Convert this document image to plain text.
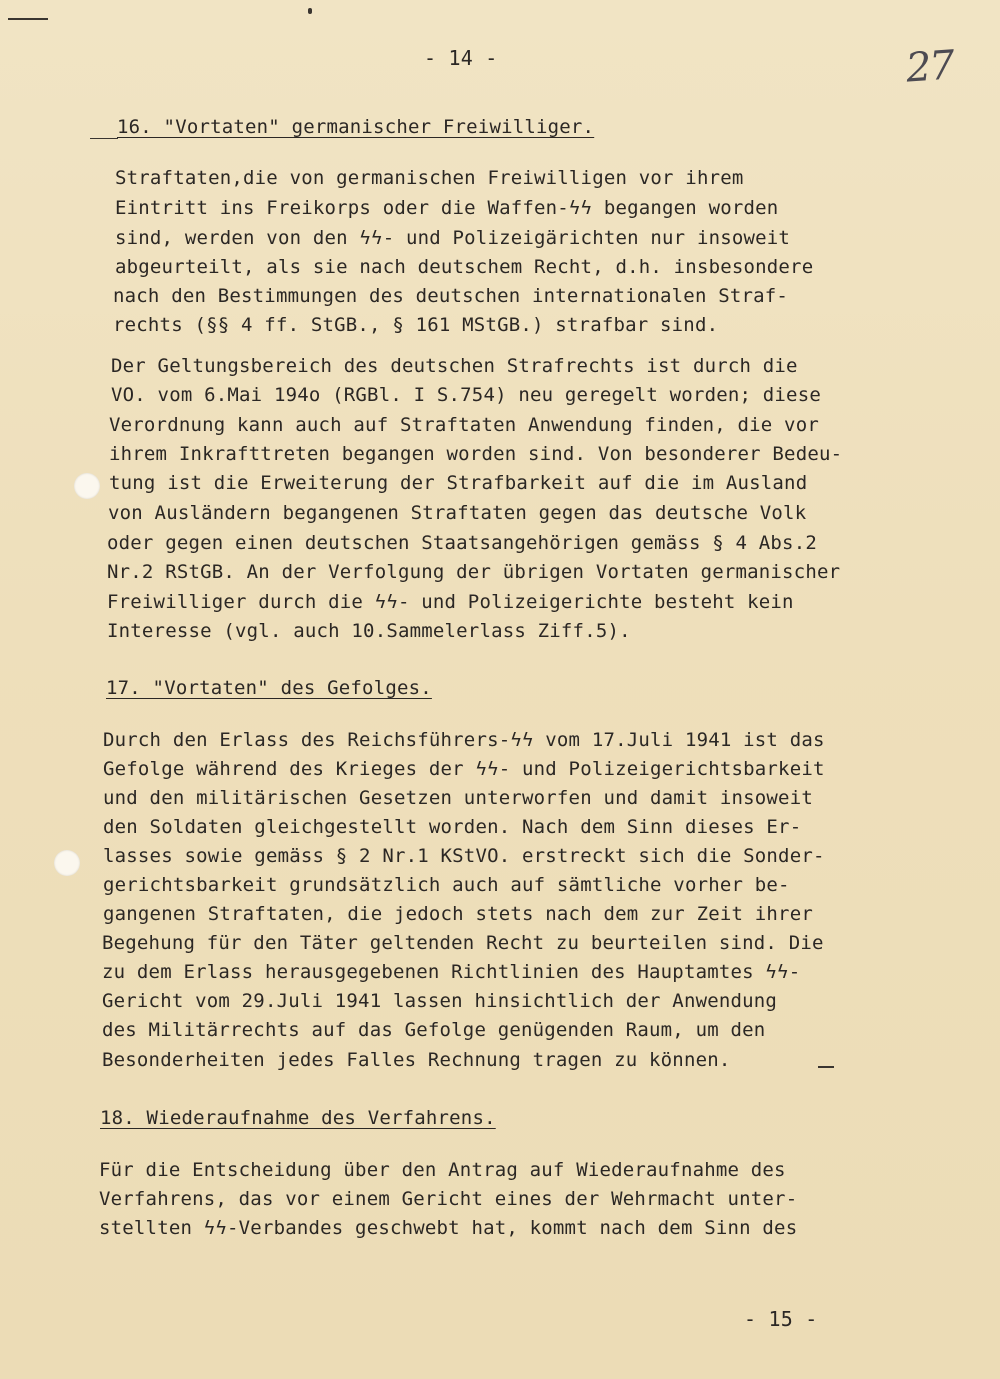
- 14 -	27
16. "Vortaten" germanischer Freiwilliger.
Straftaten,die von germanischen Freiwilligen vor ihrem
Eintritt ins Freikorps oder die Waffen-ϟϟ begangen worden
sind, werden von den ϟϟ- und Polizeigärichten nur insoweit
abgeurteilt, als sie nach deutschem Recht, d.h. insbesondere
nach den Bestimmungen des deutschen internationalen Straf-
rechts (§§ 4 ff. StGB., § 161 MStGB.) strafbar sind.
Der Geltungsbereich des deutschen Strafrechts ist durch die
VO. vom 6.Mai 194o (RGBl. I S.754) neu geregelt worden; diese
Verordnung kann auch auf Straftaten Anwendung finden, die vor
ihrem Inkrafttreten begangen worden sind. Von besonderer Bedeu-
tung ist die Erweiterung der Strafbarkeit auf die im Ausland
von Ausländern begangenen Straftaten gegen das deutsche Volk
oder gegen einen deutschen Staatsangehörigen gemäss § 4 Abs.2
Nr.2 RStGB. An der Verfolgung der übrigen Vortaten germanischer
Freiwilliger durch die ϟϟ- und Polizeigerichte besteht kein
Interesse (vgl. auch 10.Sammelerlass Ziff.5).
17. "Vortaten" des Gefolges.
Durch den Erlass des Reichsführers-ϟϟ vom 17.Juli 1941 ist das
Gefolge während des Krieges der ϟϟ- und Polizeigerichtsbarkeit
und den militärischen Gesetzen unterworfen und damit insoweit
den Soldaten gleichgestellt worden. Nach dem Sinn dieses Er-
lasses sowie gemäss § 2 Nr.1 KStVO. erstreckt sich die Sonder-
gerichtsbarkeit grundsätzlich auch auf sämtliche vorher be-
gangenen Straftaten, die jedoch stets nach dem zur Zeit ihrer
Begehung für den Täter geltenden Recht zu beurteilen sind. Die
zu dem Erlass herausgegebenen Richtlinien des Hauptamtes ϟϟ-
Gericht vom 29.Juli 1941 lassen hinsichtlich der Anwendung
des Militärrechts auf das Gefolge genügenden Raum, um den
Besonderheiten jedes Falles Rechnung tragen zu können.
18. Wiederaufnahme des Verfahrens.
Für die Entscheidung über den Antrag auf Wiederaufnahme des
Verfahrens, das vor einem Gericht eines der Wehrmacht unter-
stellten ϟϟ-Verbandes geschwebt hat, kommt nach dem Sinn des
- 15 -
